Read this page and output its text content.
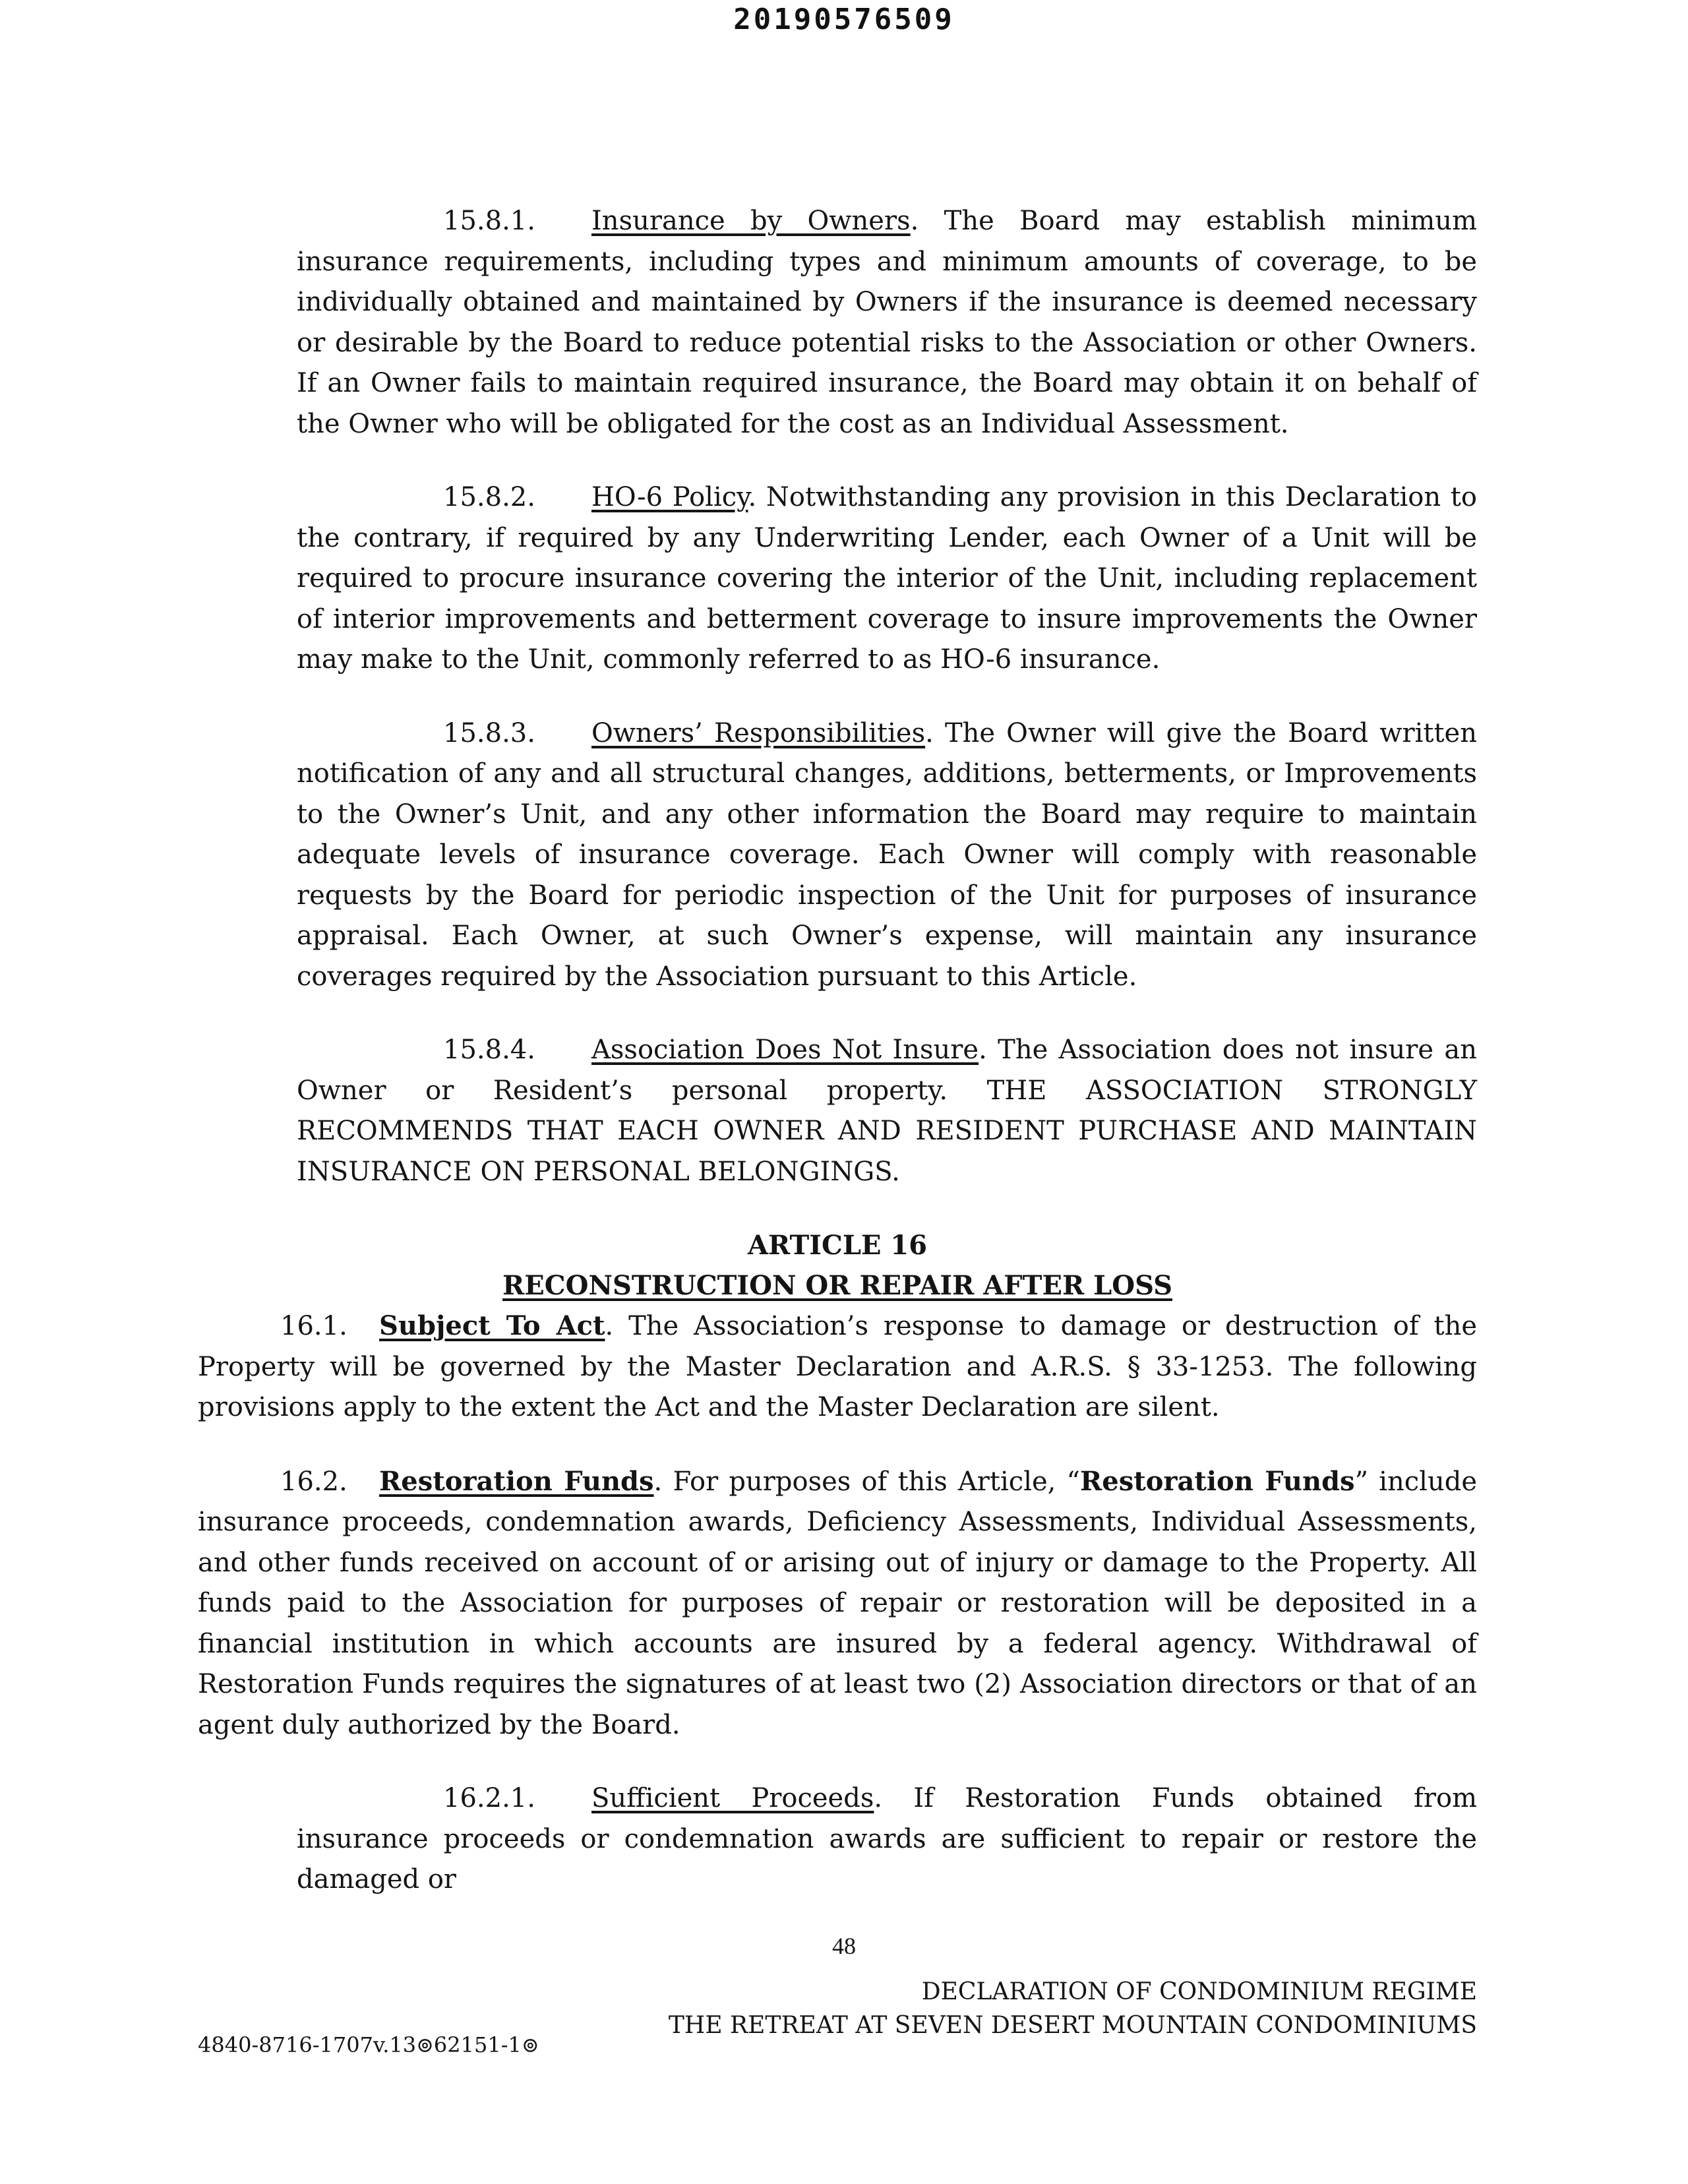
20190576509

15.8.1. Insurance by Owners. The Board may establish minimum insurance requirements, including types and minimum amounts of coverage, to be individually obtained and maintained by Owners if the insurance is deemed necessary or desirable by the Board to reduce potential risks to the Association or other Owners. If an Owner fails to maintain required insurance, the Board may obtain it on behalf of the Owner who will be obligated for the cost as an Individual Assessment.

15.8.2. HO-6 Policy. Notwithstanding any provision in this Declaration to the contrary, if required by any Underwriting Lender, each Owner of a Unit will be required to procure insurance covering the interior of the Unit, including replacement of interior improvements and betterment coverage to insure improvements the Owner may make to the Unit, commonly referred to as HO-6 insurance.

15.8.3. Owners’ Responsibilities. The Owner will give the Board written notification of any and all structural changes, additions, betterments, or Improvements to the Owner’s Unit, and any other information the Board may require to maintain adequate levels of insurance coverage. Each Owner will comply with reasonable requests by the Board for periodic inspection of the Unit for purposes of insurance appraisal. Each Owner, at such Owner’s expense, will maintain any insurance coverages required by the Association pursuant to this Article.

15.8.4. Association Does Not Insure. The Association does not insure an Owner or Resident’s personal property. THE ASSOCIATION STRONGLY RECOMMENDS THAT EACH OWNER AND RESIDENT PURCHASE AND MAINTAIN INSURANCE ON PERSONAL BELONGINGS.

ARTICLE 16

RECONSTRUCTION OR REPAIR AFTER LOSS

16.1. Subject To Act. The Association’s response to damage or destruction of the Property will be governed by the Master Declaration and A.R.S. § 33-1253. The following provisions apply to the extent the Act and the Master Declaration are silent.

16.2. Restoration Funds. For purposes of this Article, “Restoration Funds” include insurance proceeds, condemnation awards, Deficiency Assessments, Individual Assessments, and other funds received on account of or arising out of injury or damage to the Property. All funds paid to the Association for purposes of repair or restoration will be deposited in a financial institution in which accounts are insured by a federal agency. Withdrawal of Restoration Funds requires the signatures of at least two (2) Association directors or that of an agent duly authorized by the Board.

16.2.1. Sufficient Proceeds. If Restoration Funds obtained from insurance proceeds or condemnation awards are sufficient to repair or restore the damaged or

48
DECLARATION OF CONDOMINIUM REGIME
THE RETREAT AT SEVEN DESERT MOUNTAIN CONDOMINIUMS
4840-8716-1707v.13⊚62151-1⊚
